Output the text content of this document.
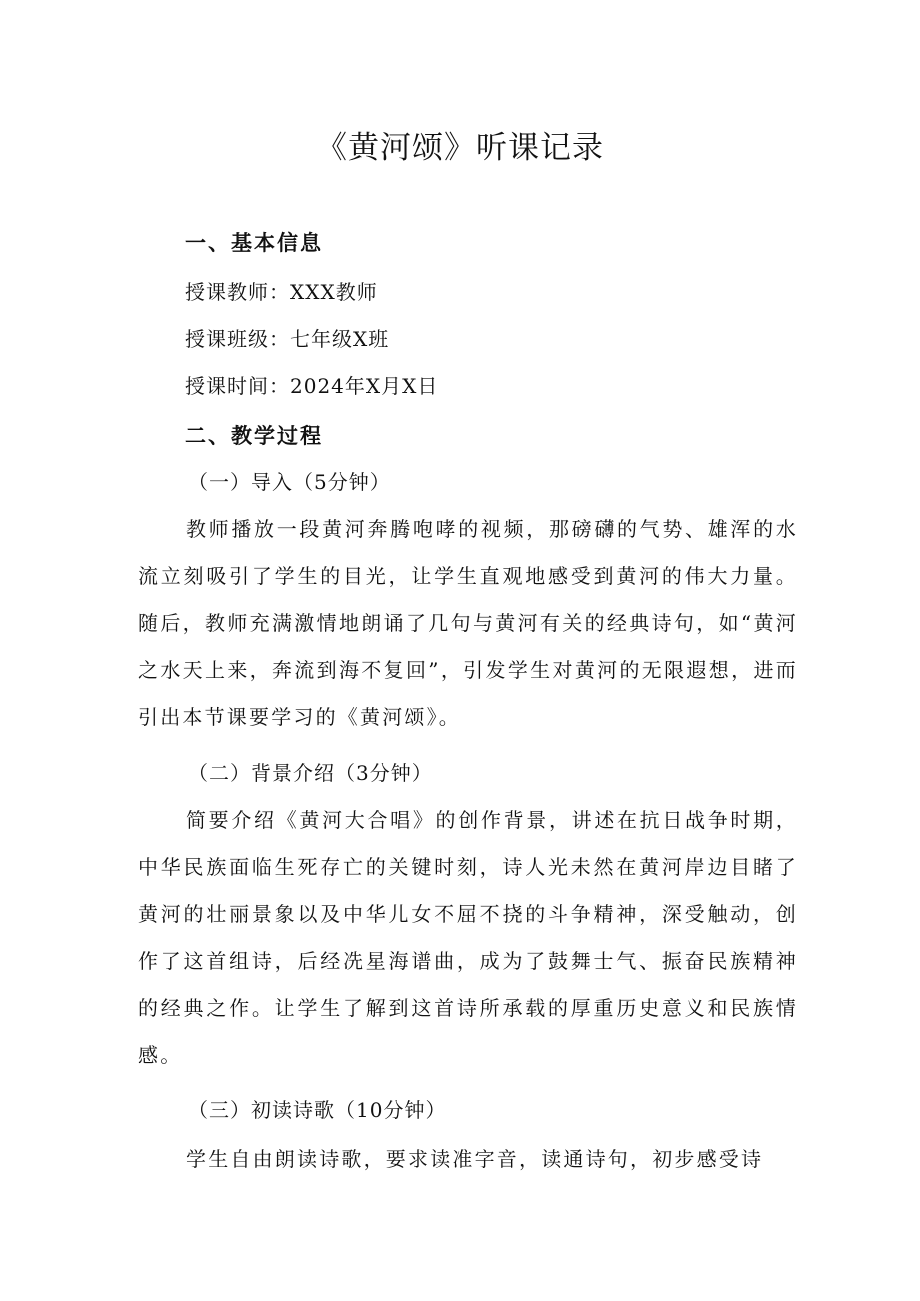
《黄河颂》听课记录

一、基本信息

授课教师：XXX教师

授课班级：七年级X班

授课时间：2024年X月X日

二、教学过程

（一）导入（5分钟）

教师播放一段黄河奔腾咆哮的视频，那磅礴的气势、雄浑的水流立刻吸引了学生的目光，让学生直观地感受到黄河的伟大力量。随后，教师充满激情地朗诵了几句与黄河有关的经典诗句，如“黄河之水天上来，奔流到海不复回”，引发学生对黄河的无限遐想，进而引出本节课要学习的《黄河颂》。

（二）背景介绍（3分钟）

简要介绍《黄河大合唱》的创作背景，讲述在抗日战争时期，中华民族面临生死存亡的关键时刻，诗人光未然在黄河岸边目睹了黄河的壮丽景象以及中华儿女不屈不挠的斗争精神，深受触动，创作了这首组诗，后经冼星海谱曲，成为了鼓舞士气、振奋民族精神的经典之作。让学生了解到这首诗所承载的厚重历史意义和民族情感。

（三）初读诗歌（10分钟）

学生自由朗读诗歌，要求读准字音，读通诗句，初步感受诗
